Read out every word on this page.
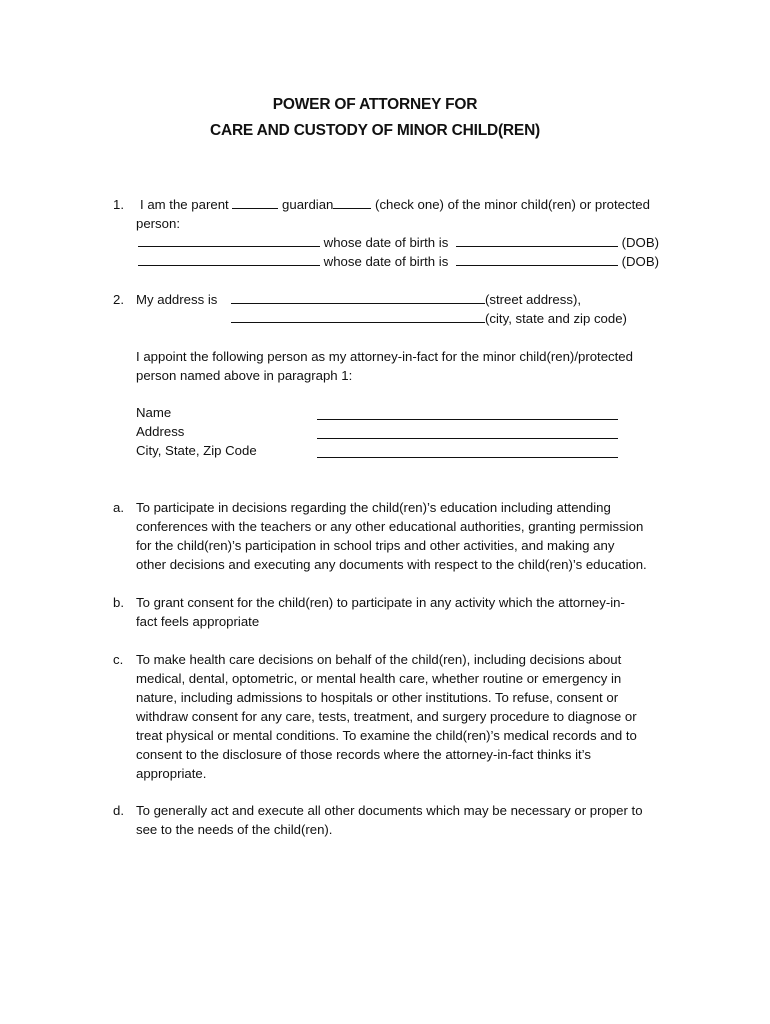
POWER OF ATTORNEY FOR
CARE AND CUSTODY OF MINOR CHILD(REN)
1. I am the parent	guardian	(check one) of the minor child(ren) or protected
person:
whose date of birth is	(DOB)
whose date of birth is	(DOB)
2. My address is	(street address),
(city, state and zip code)
I appoint the following person as my attorney-in-fact for the minor child(ren)/protected
person named above in paragraph 1:
Name
Address
City, State, Zip Code
a. To participate in decisions regarding the child(ren)’s education including attending
conferences with the teachers or any other educational authorities, granting permission
for the child(ren)’s participation in school trips and other activities, and making any
other decisions and executing any documents with respect to the child(ren)’s education.
b. To grant consent for the child(ren) to participate in any activity which the attorney-in-
fact feels appropriate
c. To make health care decisions on behalf of the child(ren), including decisions about
medical, dental, optometric, or mental health care, whether routine or emergency in
nature, including admissions to hospitals or other institutions. To refuse, consent or
withdraw consent for any care, tests, treatment, and surgery procedure to diagnose or
treat physical or mental conditions. To examine the child(ren)’s medical records and to
consent to the disclosure of those records where the attorney-in-fact thinks it’s
appropriate.
d. To generally act and execute all other documents which may be necessary or proper to
see to the needs of the child(ren).
